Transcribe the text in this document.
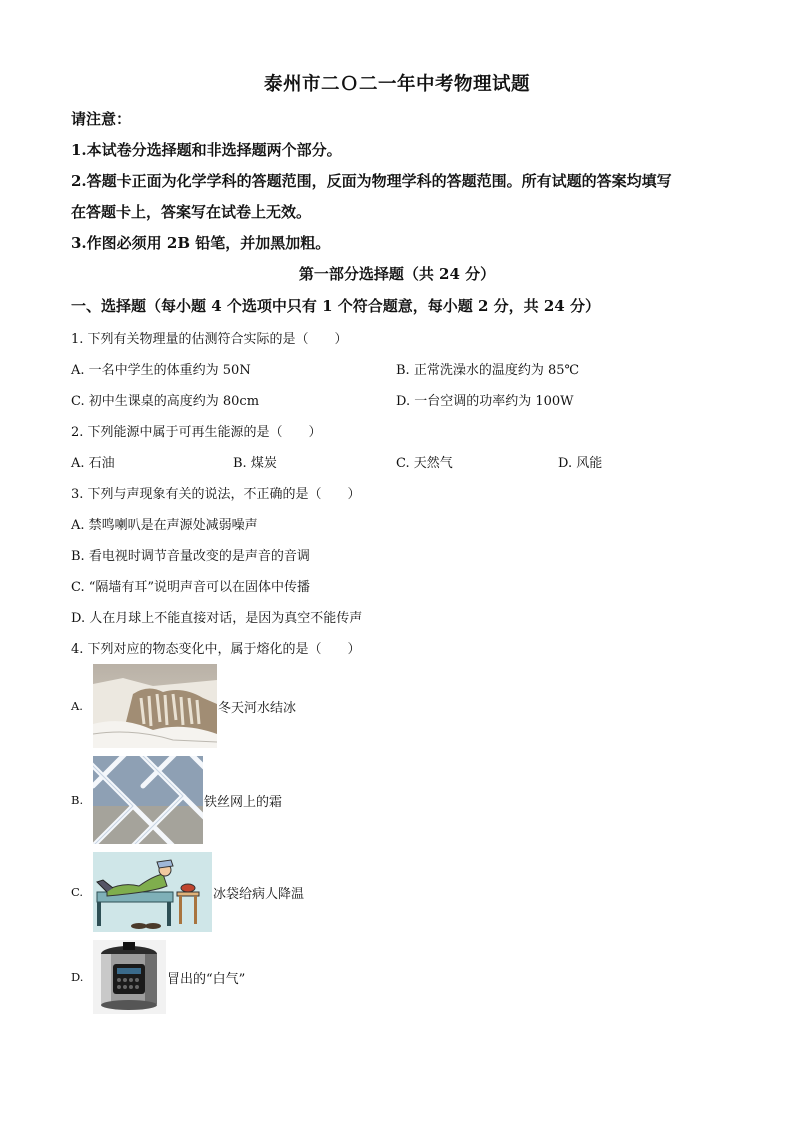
泰州市二Ｏ二一年中考物理试题
请注意：
1.本试卷分选择题和非选择题两个部分。
2.答题卡正面为化学学科的答题范围，反面为物理学科的答题范围。所有试题的答案均填写
在答题卡上，答案写在试卷上无效。
3.作图必须用 2B 铅笔，并加黑加粗。
第一部分选择题（共 24 分）
一、选择题（每小题 4 个选项中只有 1 个符合题意，每小题 2 分，共 24 分）
1. 下列有关物理量的估测符合实际的是（　　）
A. 一名中学生的体重约为 50N	B. 正常洗澡水的温度约为 85℃
C. 初中生课桌的高度约为 80cm	D. 一台空调的功率约为 100W
2. 下列能源中属于可再生能源的是（　　）
A. 石油	B. 煤炭	C. 天然气	D. 风能
3. 下列与声现象有关的说法，不正确的是（　　）
A. 禁鸣喇叭是在声源处减弱噪声
B. 看电视时调节音量改变的是声音的音调
C. “隔墙有耳”说明声音可以在固体中传播
D. 人在月球上不能直接对话，是因为真空不能传声
4. 下列对应的物态变化中，属于熔化的是（　　）
A.	冬天河水结冰
B.	铁丝网上的霜
C.	冰袋给病人降温
D.	冒出的“白气”
